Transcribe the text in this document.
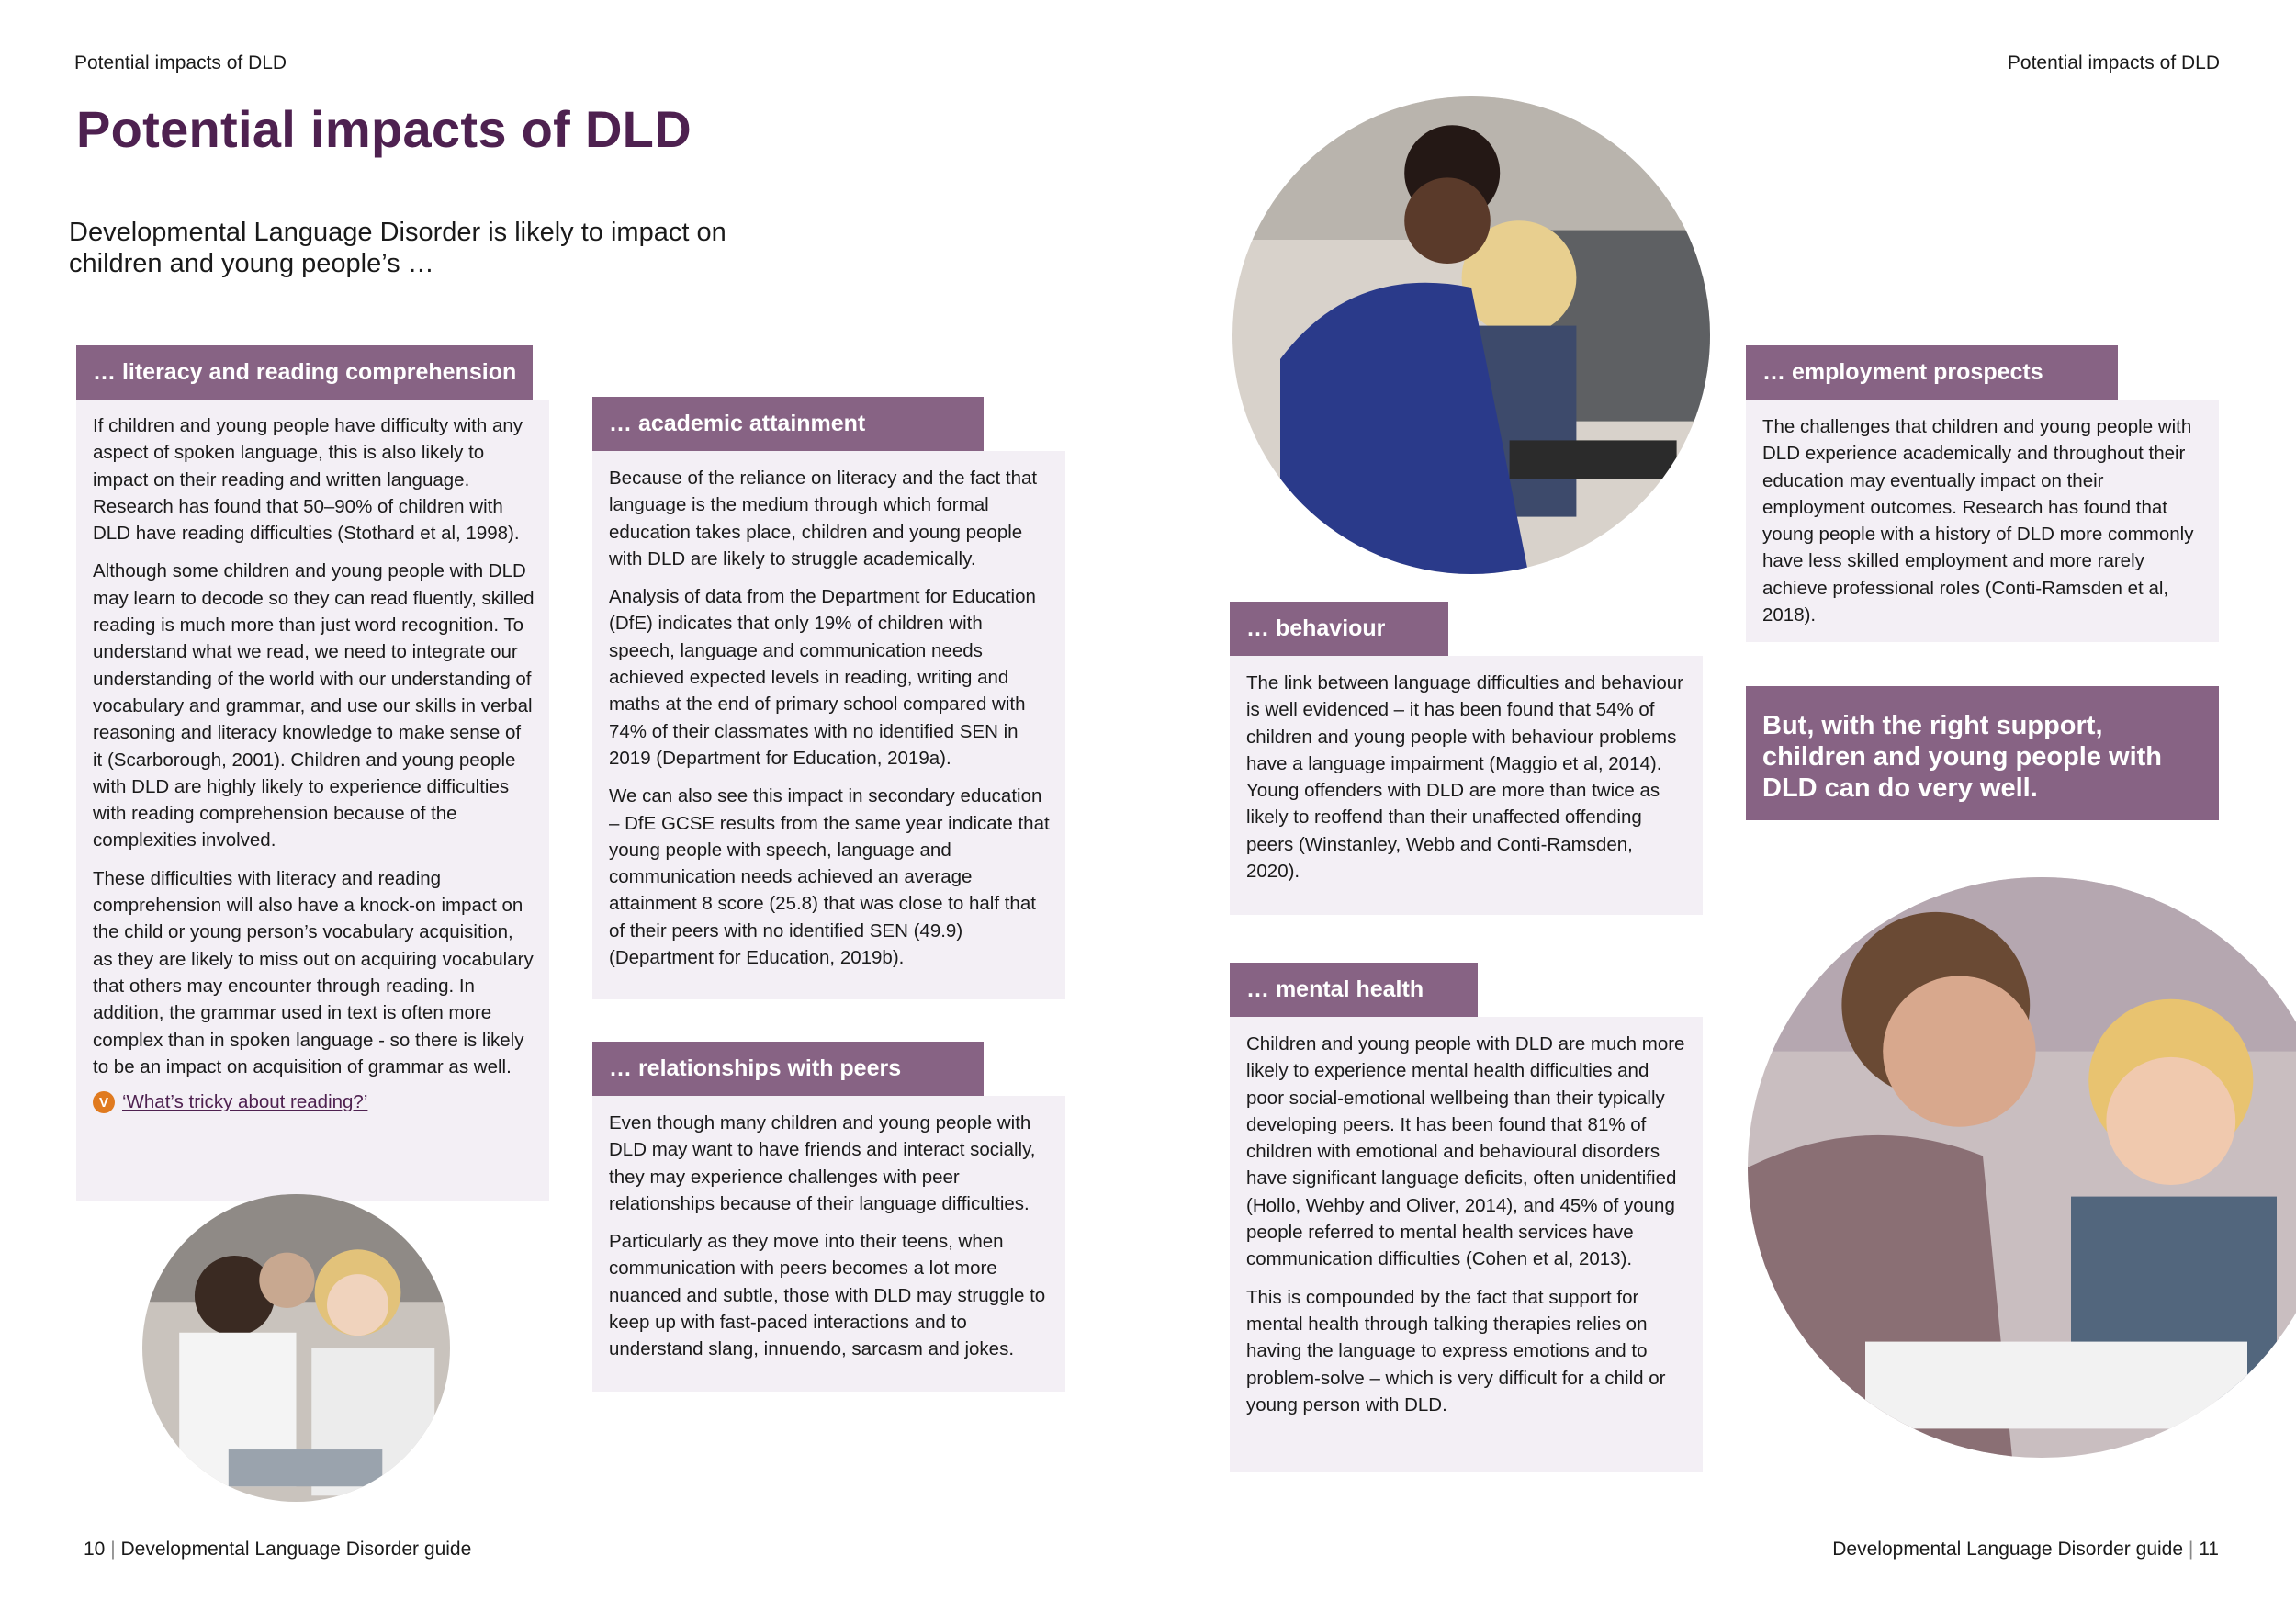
Potential impacts of DLD	Potential impacts of DLD
Potential impacts of DLD

Developmental Language Disorder is likely to impact on children and young people’s …

… literacy and reading comprehension

If children and young people have difficulty with any aspect of spoken language, this is also likely to impact on their reading and written language. Research has found that 50–90% of children with DLD have reading difficulties (Stothard et al, 1998).

Although some children and young people with DLD may learn to decode so they can read fluently, skilled reading is much more than just word recognition. To understand what we read, we need to integrate our understanding of the world with our understanding of vocabulary and grammar, and use our skills in verbal reasoning and literacy knowledge to make sense of it (Scarborough, 2001). Children and young people with DLD are highly likely to experience difficulties with reading comprehension because of the complexities involved.

These difficulties with literacy and reading comprehension will also have a knock-on impact on the child or young person’s vocabulary acquisition, as they are likely to miss out on acquiring vocabulary that others may encounter through reading. In addition, the grammar used in text is often more complex than in spoken language - so there is likely to be an impact on acquisition of grammar as well.

V ‘What’s tricky about reading?’
… academic attainment

Because of the reliance on literacy and the fact that language is the medium through which formal education takes place, children and young people with DLD are likely to struggle academically.

Analysis of data from the Department for Education (DfE) indicates that only 19% of children with speech, language and communication needs achieved expected levels in reading, writing and maths at the end of primary school compared with 74% of their classmates with no identified SEN in 2019 (Department for Education, 2019a).

We can also see this impact in secondary education – DfE GCSE results from the same year indicate that young people with speech, language and communication needs achieved an average attainment 8 score (25.8) that was close to half that of their peers with no identified SEN (49.9) (Department for Education, 2019b).

… relationships with peers

Even though many children and young people with DLD may want to have friends and interact socially, they may experience challenges with peer relationships because of their language difficulties.

Particularly as they move into their teens, when communication with peers becomes a lot more nuanced and subtle, those with DLD may struggle to keep up with fast-paced interactions and to understand slang, innuendo, sarcasm and jokes.

… behaviour

The link between language difficulties and behaviour is well evidenced – it has been found that 54% of children and young people with behaviour problems have a language impairment (Maggio et al, 2014). Young offenders with DLD are more than twice as likely to reoffend than their unaffected offending peers (Winstanley, Webb and Conti-Ramsden, 2020).

… mental health

Children and young people with DLD are much more likely to experience mental health difficulties and poor social-emotional wellbeing than their typically developing peers. It has been found that 81% of children with emotional and behavioural disorders have significant language deficits, often unidentified (Hollo, Wehby and Oliver, 2014), and 45% of young people referred to mental health services have communication difficulties (Cohen et al, 2013).

This is compounded by the fact that support for mental health through talking therapies relies on having the language to express emotions and to problem-solve – which is very difficult for a child or young person with DLD.

… employment prospects

The challenges that children and young people with DLD experience academically and throughout their education may eventually impact on their employment outcomes. Research has found that young people with a history of DLD more commonly have less skilled employment and more rarely achieve professional roles (Conti-Ramsden et al, 2018).

But, with the right support, children and young people with DLD can do very well.
10 | Developmental Language Disorder guide	Developmental Language Disorder guide | 11
